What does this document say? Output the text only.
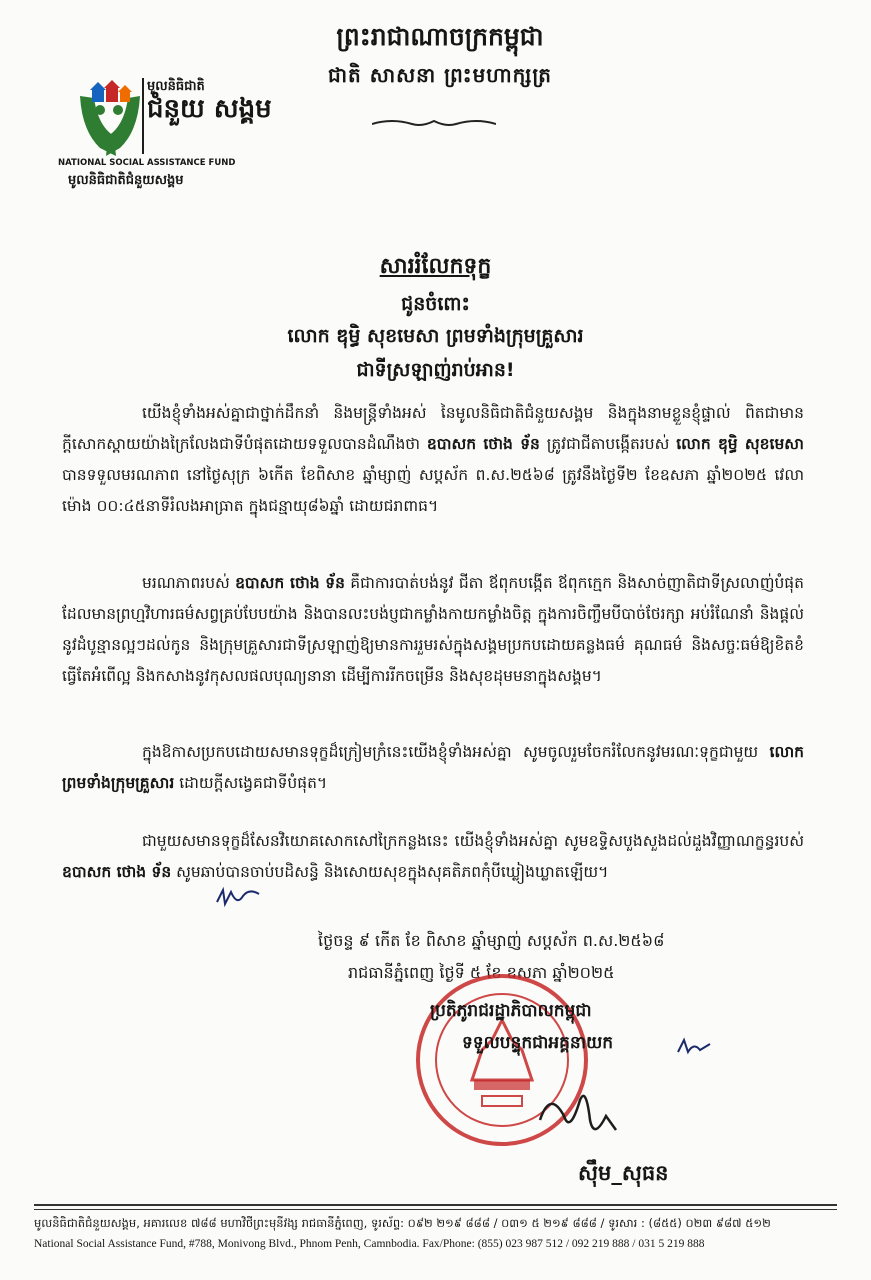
ព្រះរាជាណាចក្រកម្ពុជា
ជាតិ សាសនា ព្រះមហាក្សត្រ
មូលនិធិជាតិ
ជំនួយ សង្គម
NATIONAL SOCIAL ASSISTANCE FUND
មូលនិធិជាតិជំនួយសង្គម
សាររំលែកទុក្ខ
ជូនចំពោះ
លោក ឌុម្ធិ សុខមេសា ព្រមទាំងក្រុមគ្រួសារ
ជាទីស្រឡាញ់រាប់អាន!
យើងខ្ញុំទាំងអស់គ្នាជាថ្នាក់ដឹកនាំ និងមន្ត្រីទាំងអស់ នៃមូលនិធិជាតិជំនួយសង្គម និងក្នុងនាមខ្លួនខ្ញុំផ្ទាល់ ពិតជាមានក្ដីសោកស្ដាយយ៉ាងក្រៃលែងជាទីបំផុតដោយទទួលបានដំណឹងថា ឧបាសក ថោង ទ័ន ត្រូវជាជីតាបង្កើតរបស់ លោក ឌុម្ធិ សុខមេសា បានទទួលមរណភាព នៅថ្ងៃសុក្រ ៦កើត ខែពិសាខ ឆ្នាំម្សាញ់ សប្តស័ក ព.ស.២៥៦៨ ត្រូវនឹងថ្ងៃទី២ ខែឧសភា ឆ្នាំ២០២៥ វេលាម៉ោង ០០:៤៥នាទីរំលងអាធ្រាត ក្នុងជន្មាយុ៨៦ឆ្នាំ ដោយជរាពាធ។
មរណភាពរបស់ ឧបាសក ថោង ទ័ន គឺជាការបាត់បង់នូវ ជីតា ឪពុកបង្កើត ឪពុកក្មេក និងសាច់ញាតិជាទីស្រលាញ់បំផុតដែលមានព្រហ្មវិហារធម៌សព្វគ្រប់បែបយ៉ាង និងបានលះបង់ប្ញជាកម្លាំងកាយកម្លាំងចិត្ត ក្នុងការចិញ្ចឹមបីបាច់ថែរក្សា អប់រំណែនាំ និងផ្ដល់នូវដំបូន្មានល្អៗដល់កូន និងក្រុមគ្រួសារជាទីស្រឡាញ់ឱ្យមានការរួមរស់ក្នុងសង្គមប្រកបដោយគន្លងធម៌ គុណធម៌ និងសច្ចៈធម៌ឱ្យខិតខំធ្វើតែអំពើល្អ និងកសាងនូវកុសលផលបុណ្យនានា ដើម្បីការរីកចម្រើន និងសុខដុមមនាក្នុងសង្គម។
ក្នុងឱកាសប្រកបដោយសមានទុក្ខដ៏ក្រៀមក្រំនេះយើងខ្ញុំទាំងអស់គ្នា សូមចូលរួមចែករំលែកនូវមរណៈទុក្ខជាមួយ លោក ព្រមទាំងក្រុមគ្រួសារ ដោយក្ដីសង្វេគជាទីបំផុត។
ជាមួយសមានទុក្ខដ៏សែនវិយោគសោកសៅក្រៃកន្លងនេះ យើងខ្ញុំទាំងអស់គ្នា សូមឧទ្ទិសបួងសួងដល់ដួងវិញ្ញាណក្ខន្ធរបស់ ឧបាសក ថោង ទ័ន សូមឆាប់បានចាប់បដិសន្ធិ និងសោយសុខក្នុងសុគតិភពកុំបីឃ្លៀងឃ្លាតឡើយ។
ថ្ងៃចន្ទ ៩ កើត ខែ ពិសាខ ឆ្នាំម្សាញ់ សប្តស័ក ព.ស.២៥៦៨
រាជធានីភ្នំពេញ ថ្ងៃទី ៥ ខែ ឧសភា ឆ្នាំ២០២៥
ប្រតិភូរាជរដ្ឋាភិបាលកម្ពុជា
ទទួលបន្ទុកជាអគ្គនាយក
ស៊ឹម_សុធន
មូលនិធិជាតិជំនួយសង្គម, អគារលេខ ៧៨៨ មហាវិថីព្រះមុនីវង្ស រាជធានីភ្នំពេញ, ទូរស័ព្ទ: ០៩២ ២១៩ ៨៨៨ / ០៣១ ៥ ២១៩ ៨៨៨ / ទូរសារ : (៨៥៥) ០២៣ ៩៨៧ ៥១២
National Social Assistance Fund, #788, Monivong Blvd., Phnom Penh, Camnbodia. Fax/Phone: (855) 023 987 512 / 092 219 888 / 031 5 219 888
